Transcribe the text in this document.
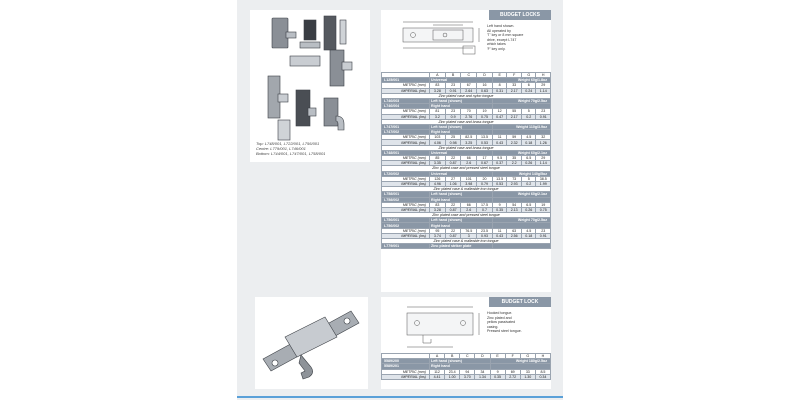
Top: L748/001, L722/001, L756/001
Centre: L779/001, L746/001
Bottom: L744/001, L747/001, L758/001
BUDGET LOCKS
Left hand shown.
All operated by
'T' key or 8 mm square
drive, except L747
which takes
'F' key only.
	A	B	C	D	E	F	G	H
L125/001	Universal				Weight 60g/1.8oz			
METRIC (mm)	83	23	67	16	8	33	6	29
IMPERIAL (ins)	3.28	0.91	2.64	0.63	0.31	2.17	0.24	1.14
Zinc plated case and nylon tongue								
L746/003	Left hand (shown)				Weight 70g/2.5oz			
L746/004	Right hand							
METRIC (mm)	81	23	70	19	12	55	5	23
IMPERIAL (ins)	3.2	0.9	2.76	0.75	0.47	2.17	0.2	0.91
Zinc plated case and brass tongue								
L747/001	Left hand (shown)				Weight 110g/3.9oz			
L747/002	Right hand							
METRIC (mm)	103	25	82.5	13.5	11	59	4.5	32
IMPERIAL (ins)	4.06	0.98	3.25	0.53	0.43	2.32	0.18	1.26
Zinc plated case and brass tongue								
L748/001	Universal				Weight 60g/2.1oz			
METRIC (mm)	85	22	66	17	9.5	35	6.5	29
IMPERIAL (ins)	3.35	0.87	2.6	0.67	0.37	2.2	0.26	1.14
Zinc plated case and pressed steel tongue								
L720/002	Universal				Weight 140g/5oz			
METRIC (mm)	126	27	101	20	13.5	73	5	38.5
IMPERIAL (ins)	4.96	1.06	3.98	0.79	0.53	2.93	0.2	1.99
Zinc plated case & malleable iron tongue								
L758/001	Left hand (shown)				Weight 60g/2.1oz			
L758/002	Right hand							
METRIC (mm)	83	22	66	17.5	9	54	6.5	19
IMPERIAL (ins)	3.28	0.87	2.6	0.7	0.35	2.13	0.26	0.75
Zinc plated case and pressed steel tongue								
L756/001	Left hand (shown)				Weight 70g/2.5oz			
L756/002	Right hand							
METRIC (mm)	95	22	76.5	23.5	11	63	4.5	23
IMPERIAL (ins)	3.74	0.87	3	0.93	0.43	2.56	0.18	0.91
Zinc plated case & malleable iron tongue								
L779/001	Zinc plated striker plate							
BUDGET LOCK
Hooked tongue.
Zinc plated and
yellow passivated
casing.
Pressed steel tongue.
	A	B	C	D	E	F	G	H
5589/200	Left hand (shown)				Weight 180g/2.5oz			
5589/201	Right hand							
METRIC (mm)	112	23.4	94	34	9	69	33	8.5
IMPERIAL (ins)	4.41	1.00	3.70	1.34	0.35	2.72	1.30	0.34
